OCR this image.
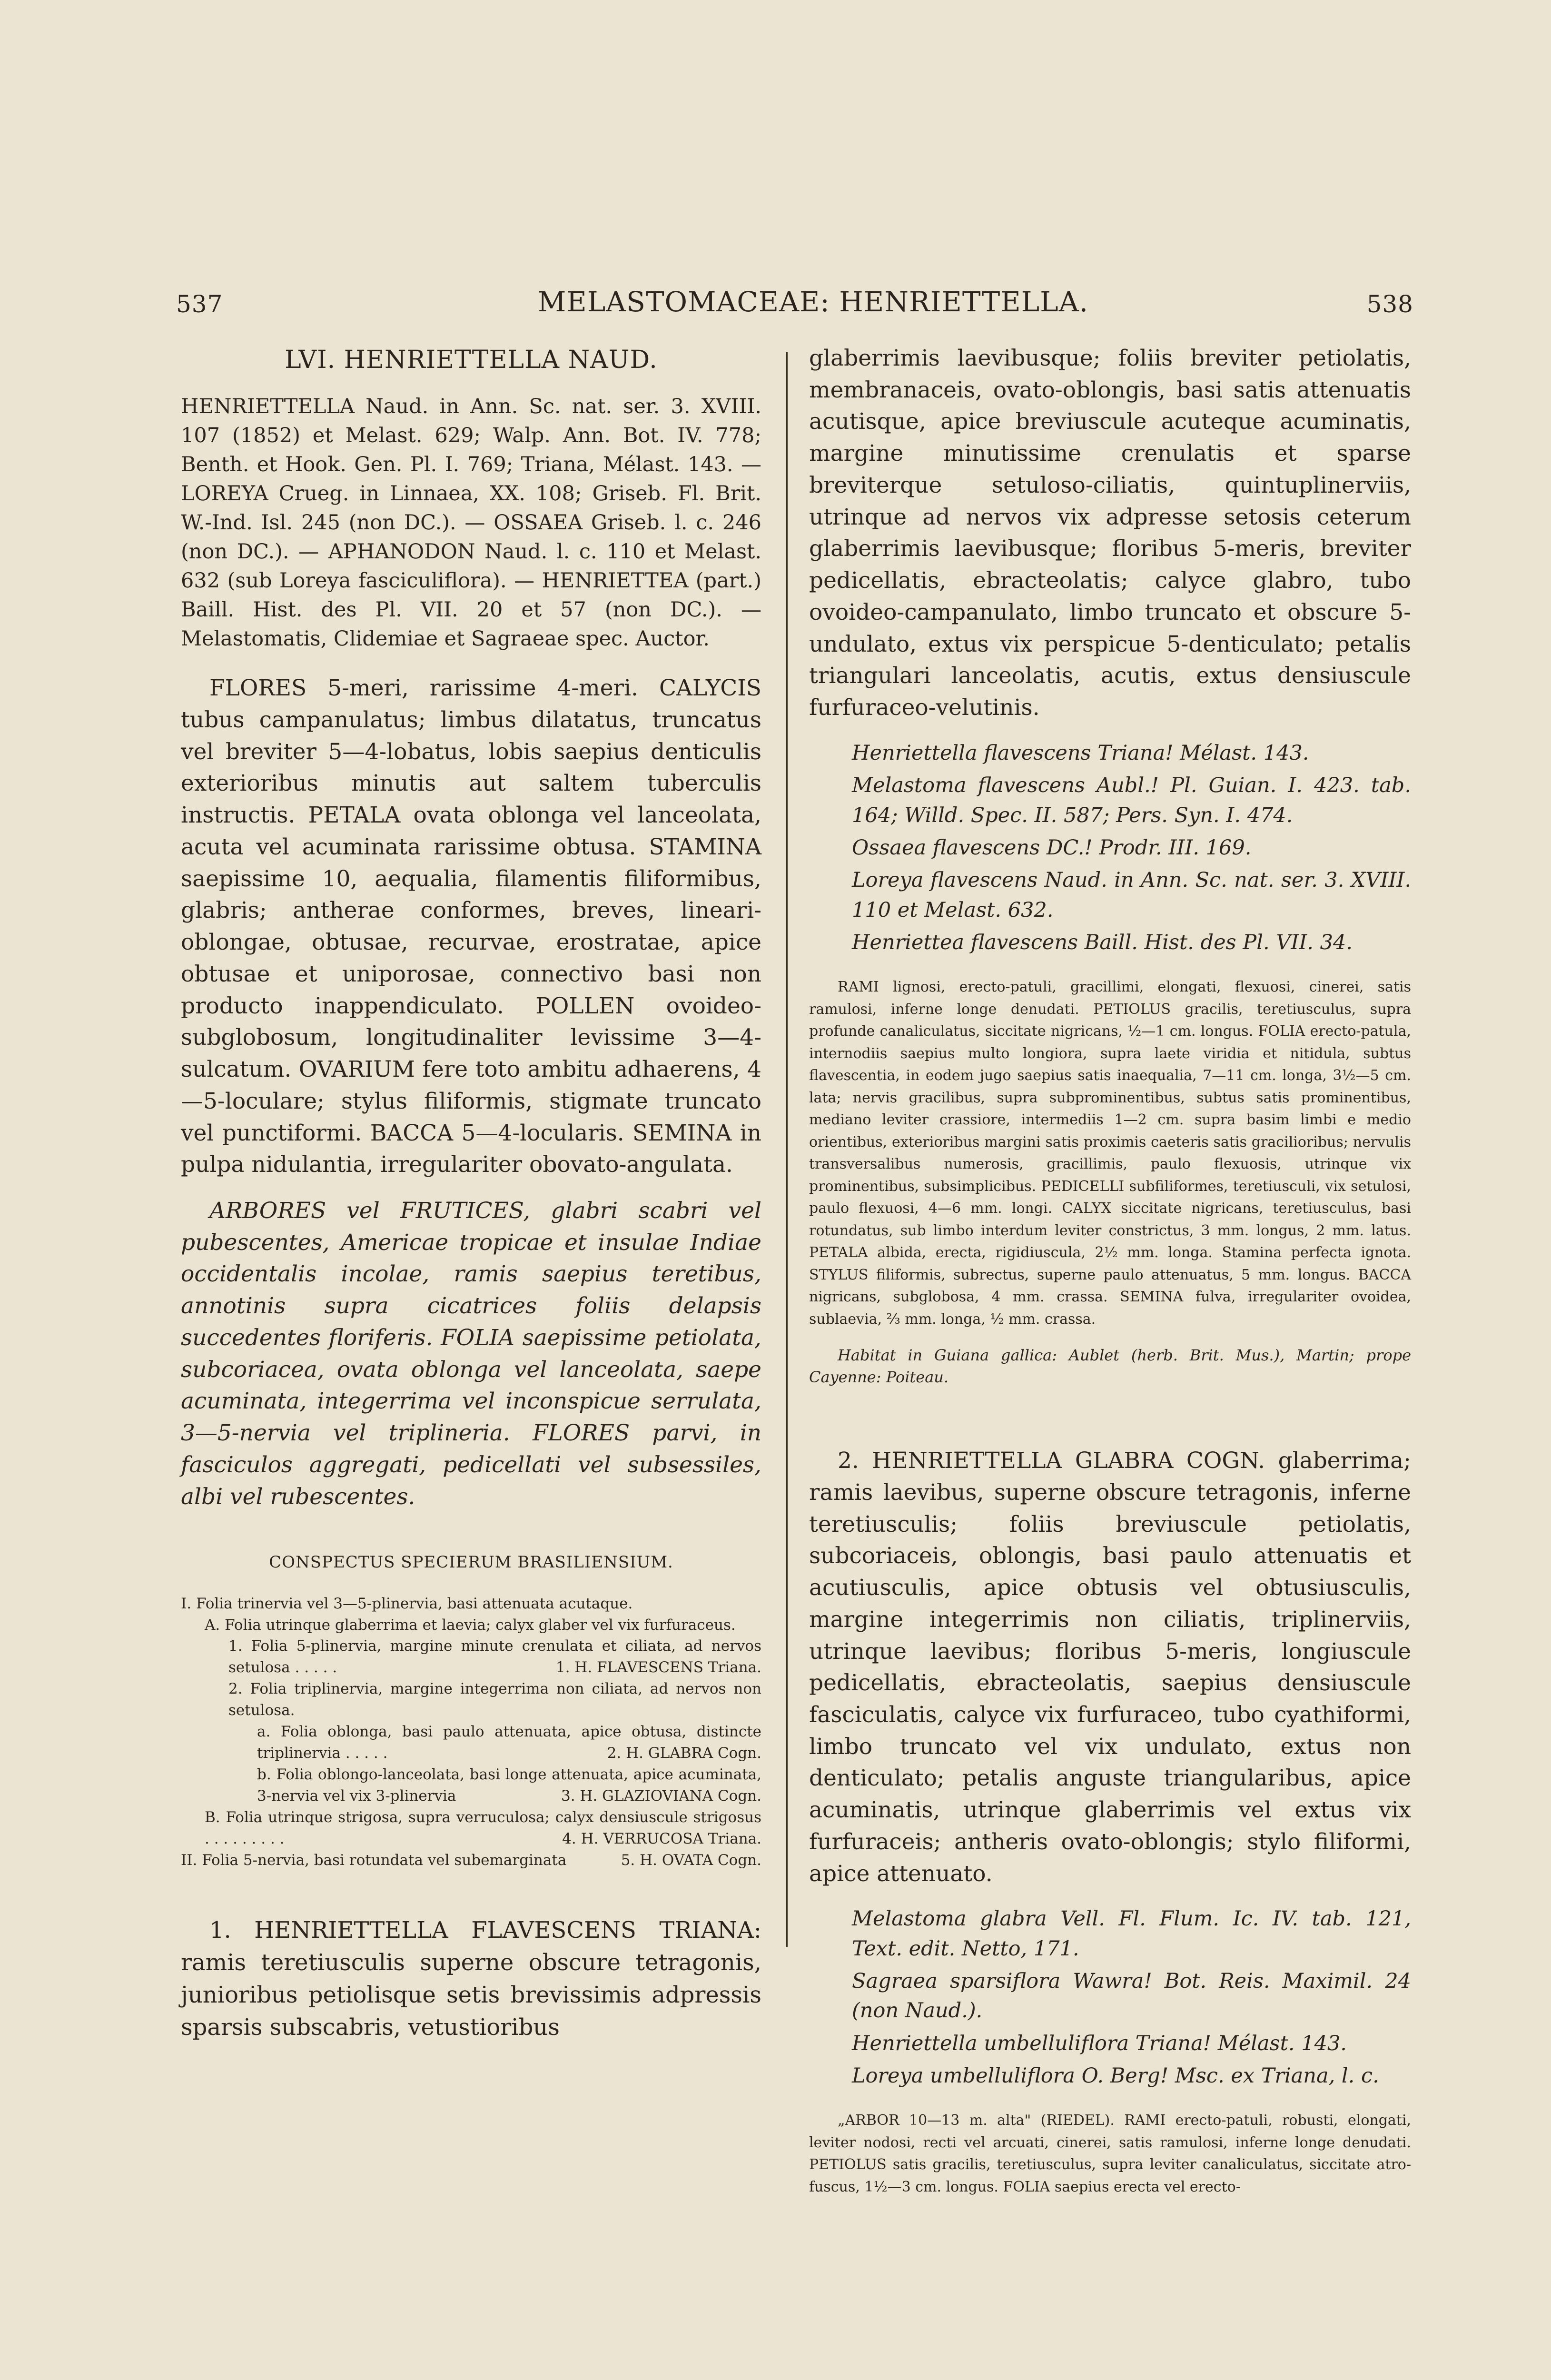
537	MELASTOMACEAE: HENRIETTELLA.	538
LVI. HENRIETTELLA NAUD.
HENRIETTELLA Naud. in Ann. Sc. nat. ser. 3. XVIII. 107 (1852) et Melast. 629; Walp. Ann. Bot. IV. 778; Benth. et Hook. Gen. Pl. I. 769; Triana, Mélast. 143. — LOREYA Crueg. in Linnaea, XX. 108; Griseb. Fl. Brit. W.-Ind. Isl. 245 (non DC.). — OSSAEA Griseb. l. c. 246 (non DC.). — APHANODON Naud. l. c. 110 et Melast. 632 (sub Loreya fasciculiflora). — HENRIETTEA (part.) Baill. Hist. des Pl. VII. 20 et 57 (non DC.). — Melastomatis, Clidemiae et Sagraeae spec. Auctor.

FLORES 5-meri, rarissime 4-meri. CALYCIS tubus campanulatus; limbus dilatatus, truncatus vel breviter 5—4-lobatus, lobis saepius denticulis exterioribus minutis aut saltem tuberculis instructis. PETALA ovata oblonga vel lanceolata, acuta vel acuminata rarissime obtusa. STAMINA saepissime 10, aequalia, filamentis filiformibus, glabris; antherae conformes, breves, lineari-oblongae, obtusae, recurvae, erostratae, apice obtusae et uniporosae, connectivo basi non producto inappendiculato. POLLEN ovoideo-subglobosum, longitudinaliter levissime 3—4-sulcatum. OVARIUM fere toto ambitu adhaerens, 4—5-loculare; stylus filiformis, stigmate truncato vel punctiformi. BACCA 5—4-locularis. SEMINA in pulpa nidulantia, irregulariter obovato-angulata.

ARBORES vel FRUTICES, glabri scabri vel pubescentes, Americae tropicae et insulae Indiae occidentalis incolae, ramis saepius teretibus, annotinis supra cicatrices foliis delapsis succedentes floriferis. FOLIA saepissime petiolata, subcoriacea, ovata oblonga vel lanceolata, saepe acuminata, integerrima vel inconspicue serrulata, 3—5-nervia vel triplineria. FLORES parvi, in fasciculos aggregati, pedicellati vel subsessiles, albi vel rubescentes.

CONSPECTUS SPECIERUM BRASILIENSIUM.
I. Folia trinervia vel 3—5-plinervia, basi attenuata acutaque.
A. Folia utrinque glaberrima et laevia; calyx glaber vel vix furfuraceus.
1. Folia 5-plinervia, margine minute crenulata et ciliata, ad nervos setulosa . . . . .	1. H. FLAVESCENS Triana.
2. Folia triplinervia, margine integerrima non ciliata, ad nervos non setulosa.
a. Folia oblonga, basi paulo attenuata, apice obtusa, distincte triplinervia . . . . .	2. H. GLABRA Cogn.
b. Folia oblongo-lanceolata, basi longe attenuata, apice acuminata, 3-nervia vel vix 3-plinervia	3. H. GLAZIOVIANA Cogn.
B. Folia utrinque strigosa, supra verruculosa; calyx densiuscule strigosus . . . . . . . . .	4. H. VERRUCOSA Triana.
II. Folia 5-nervia, basi rotundata vel subemarginata	5. H. OVATA Cogn.

1. HENRIETTELLA FLAVESCENS TRIANA: ramis teretiusculis superne obscure tetragonis, junioribus petiolisque setis brevissimis adpressis sparsis subscabris, vetustioribus

glaberrimis laevibusque; foliis breviter petiolatis, membranaceis, ovato-oblongis, basi satis attenuatis acutisque, apice breviuscule acuteque acuminatis, margine minutissime crenulatis et sparse breviterque setuloso-ciliatis, quintuplinerviis, utrinque ad nervos vix adpresse setosis ceterum glaberrimis laevibusque; floribus 5-meris, breviter pedicellatis, ebracteolatis; calyce glabro, tubo ovoideo-campanulato, limbo truncato et obscure 5-undulato, extus vix perspicue 5-denticulato; petalis triangulari lanceolatis, acutis, extus densiuscule furfuraceo-velutinis.

Henriettella flavescens Triana! Mélast. 143.
Melastoma flavescens Aubl.! Pl. Guian. I. 423. tab. 164; Willd. Spec. II. 587; Pers. Syn. I. 474.
Ossaea flavescens DC.! Prodr. III. 169.
Loreya flavescens Naud. in Ann. Sc. nat. ser. 3. XVIII. 110 et Melast. 632.
Henriettea flavescens Baill. Hist. des Pl. VII. 34.
RAMI lignosi, erecto-patuli, gracillimi, elongati, flexuosi, cinerei, satis ramulosi, inferne longe denudati. PETIOLUS gracilis, teretiusculus, supra profunde canaliculatus, siccitate nigricans, ½—1 cm. longus. FOLIA erecto-patula, internodiis saepius multo longiora, supra laete viridia et nitidula, subtus flavescentia, in eodem jugo saepius satis inaequalia, 7—11 cm. longa, 3½—5 cm. lata; nervis gracilibus, supra subprominentibus, subtus satis prominentibus, mediano leviter crassiore, intermediis 1—2 cm. supra basim limbi e medio orientibus, exterioribus margini satis proximis caeteris satis gracilioribus; nervulis transversalibus numerosis, gracillimis, paulo flexuosis, utrinque vix prominentibus, subsimplicibus. PEDICELLI subfiliformes, teretiusculi, vix setulosi, paulo flexuosi, 4—6 mm. longi. CALYX siccitate nigricans, teretiusculus, basi rotundatus, sub limbo interdum leviter constrictus, 3 mm. longus, 2 mm. latus. PETALA albida, erecta, rigidiuscula, 2½ mm. longa. Stamina perfecta ignota. STYLUS filiformis, subrectus, superne paulo attenuatus, 5 mm. longus. BACCA nigricans, subglobosa, 4 mm. crassa. SEMINA fulva, irregulariter ovoidea, sublaevia, ⅔ mm. longa, ½ mm. crassa.
Habitat in Guiana gallica: Aublet (herb. Brit. Mus.), Martin; prope Cayenne: Poiteau.

2. HENRIETTELLA GLABRA COGN. glaberrima; ramis laevibus, superne obscure tetragonis, inferne teretiusculis; foliis breviuscule petiolatis, subcoriaceis, oblongis, basi paulo attenuatis et acutiusculis, apice obtusis vel obtusiusculis, margine integerrimis non ciliatis, triplinerviis, utrinque laevibus; floribus 5-meris, longiuscule pedicellatis, ebracteolatis, saepius densiuscule fasciculatis, calyce vix furfuraceo, tubo cyathiformi, limbo truncato vel vix undulato, extus non denticulato; petalis anguste triangularibus, apice acuminatis, utrinque glaberrimis vel extus vix furfuraceis; antheris ovato-oblongis; stylo filiformi, apice attenuato.

Melastoma glabra Vell. Fl. Flum. Ic. IV. tab. 121, Text. edit. Netto, 171.
Sagraea sparsiflora Wawra! Bot. Reis. Maximil. 24 (non Naud.).
Henriettella umbelluliflora Triana! Mélast. 143.
Loreya umbelluliflora O. Berg! Msc. ex Triana, l. c.
„ARBOR 10—13 m. alta" (RIEDEL). RAMI erecto-patuli, robusti, elongati, leviter nodosi, recti vel arcuati, cinerei, satis ramulosi, inferne longe denudati. PETIOLUS satis gracilis, teretiusculus, supra leviter canaliculatus, siccitate atro-fuscus, 1½—3 cm. longus. FOLIA saepius erecta vel erecto-
